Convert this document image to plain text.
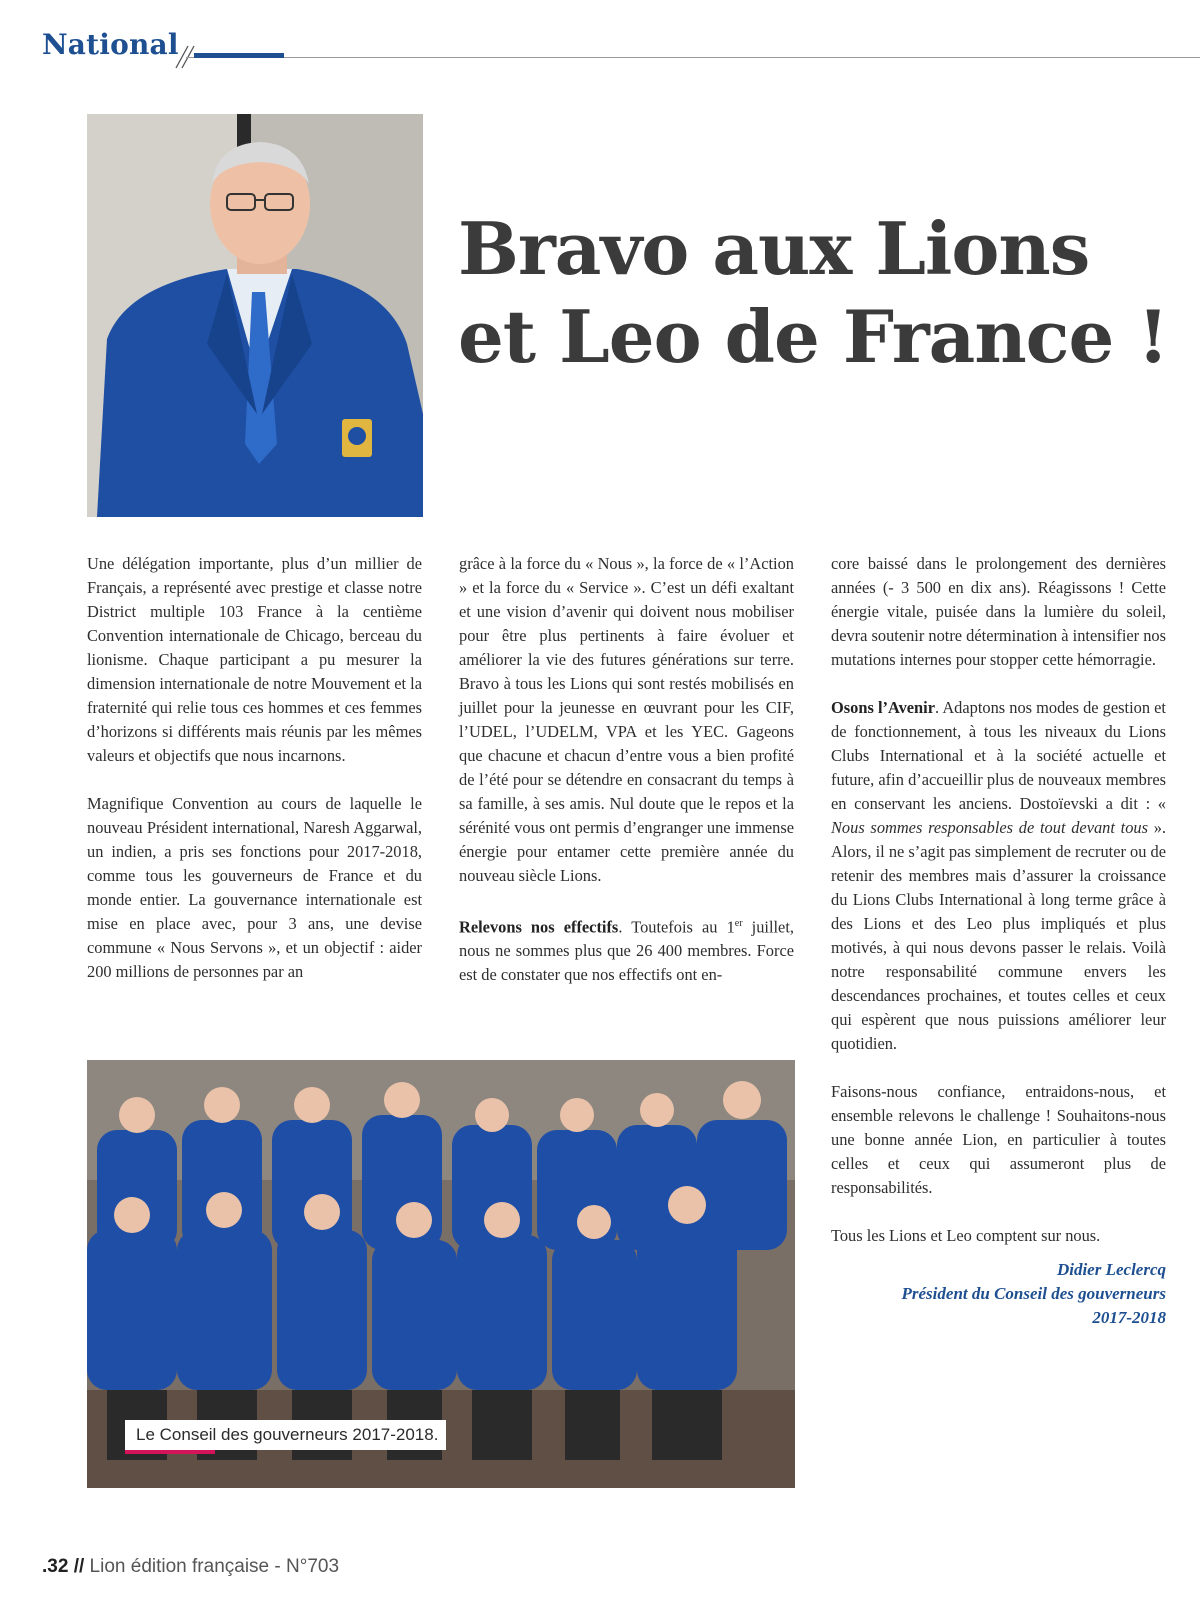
National
Bravo aux Lions
et Leo de France !

Une délégation importante, plus d’un millier de Français, a représenté avec prestige et classe notre District multiple 103 France à la centième Convention internationale de Chicago, berceau du lionisme. Chaque participant a pu mesurer la dimension internationale de notre Mouvement et la fraternité qui relie tous ces hommes et ces femmes d’horizons si différents mais réunis par les mêmes valeurs et objectifs que nous incarnons.

Magnifique Convention au cours de laquelle le nouveau Président international, Naresh Aggarwal, un indien, a pris ses fonctions pour 2017-2018, comme tous les gouverneurs de France et du monde entier. La gouvernance internationale est mise en place avec, pour 3 ans, une devise commune « Nous Servons », et un objectif : aider 200 millions de personnes par an

grâce à la force du « Nous », la force de « l’Action » et la force du « Service ». C’est un défi exaltant et une vision d’avenir qui doivent nous mobiliser pour être plus pertinents à faire évoluer et améliorer la vie des futures générations sur terre. Bravo à tous les Lions qui sont restés mobilisés en juillet pour la jeunesse en œuvrant pour les CIF, l’UDEL, l’UDELM, VPA et les YEC. Gageons que chacune et chacun d’entre vous a bien profité de l’été pour se détendre en consacrant du temps à sa famille, à ses amis. Nul doute que le repos et la sérénité vous ont permis d’engranger une immense énergie pour entamer cette première année du nouveau siècle Lions.

Relevons nos effectifs. Toutefois au 1er juillet, nous ne sommes plus que 26 400 membres. Force est de constater que nos effectifs ont en-

core baissé dans le prolongement des dernières années (- 3 500 en dix ans). Réagissons ! Cette énergie vitale, puisée dans la lumière du soleil, devra soutenir notre détermination à intensifier nos mutations internes pour stopper cette hémorragie.

Osons l’Avenir. Adaptons nos modes de gestion et de fonctionnement, à tous les niveaux du Lions Clubs International et à la société actuelle et future, afin d’accueillir plus de nouveaux membres en conservant les anciens. Dostoïevski a dit : « Nous sommes responsables de tout devant tous ». Alors, il ne s’agit pas simplement de recruter ou de retenir des membres mais d’assurer la croissance du Lions Clubs International à long terme grâce à des Lions et des Leo plus impliqués et plus motivés, à qui nous devons passer le relais. Voilà notre responsabilité commune envers les descendances prochaines, et toutes celles et ceux qui espèrent que nous puissions améliorer leur quotidien.

Faisons-nous confiance, entraidons-nous, et ensemble relevons le challenge ! Souhaitons-nous une bonne année Lion, en particulier à toutes celles et ceux qui assumeront plus de responsabilités.

Tous les Lions et Leo comptent sur nous.

Didier Leclercq
Président du Conseil des gouverneurs
2017-2018
Le Conseil des gouverneurs 2017-2018.
.32 // Lion édition française - N°703
